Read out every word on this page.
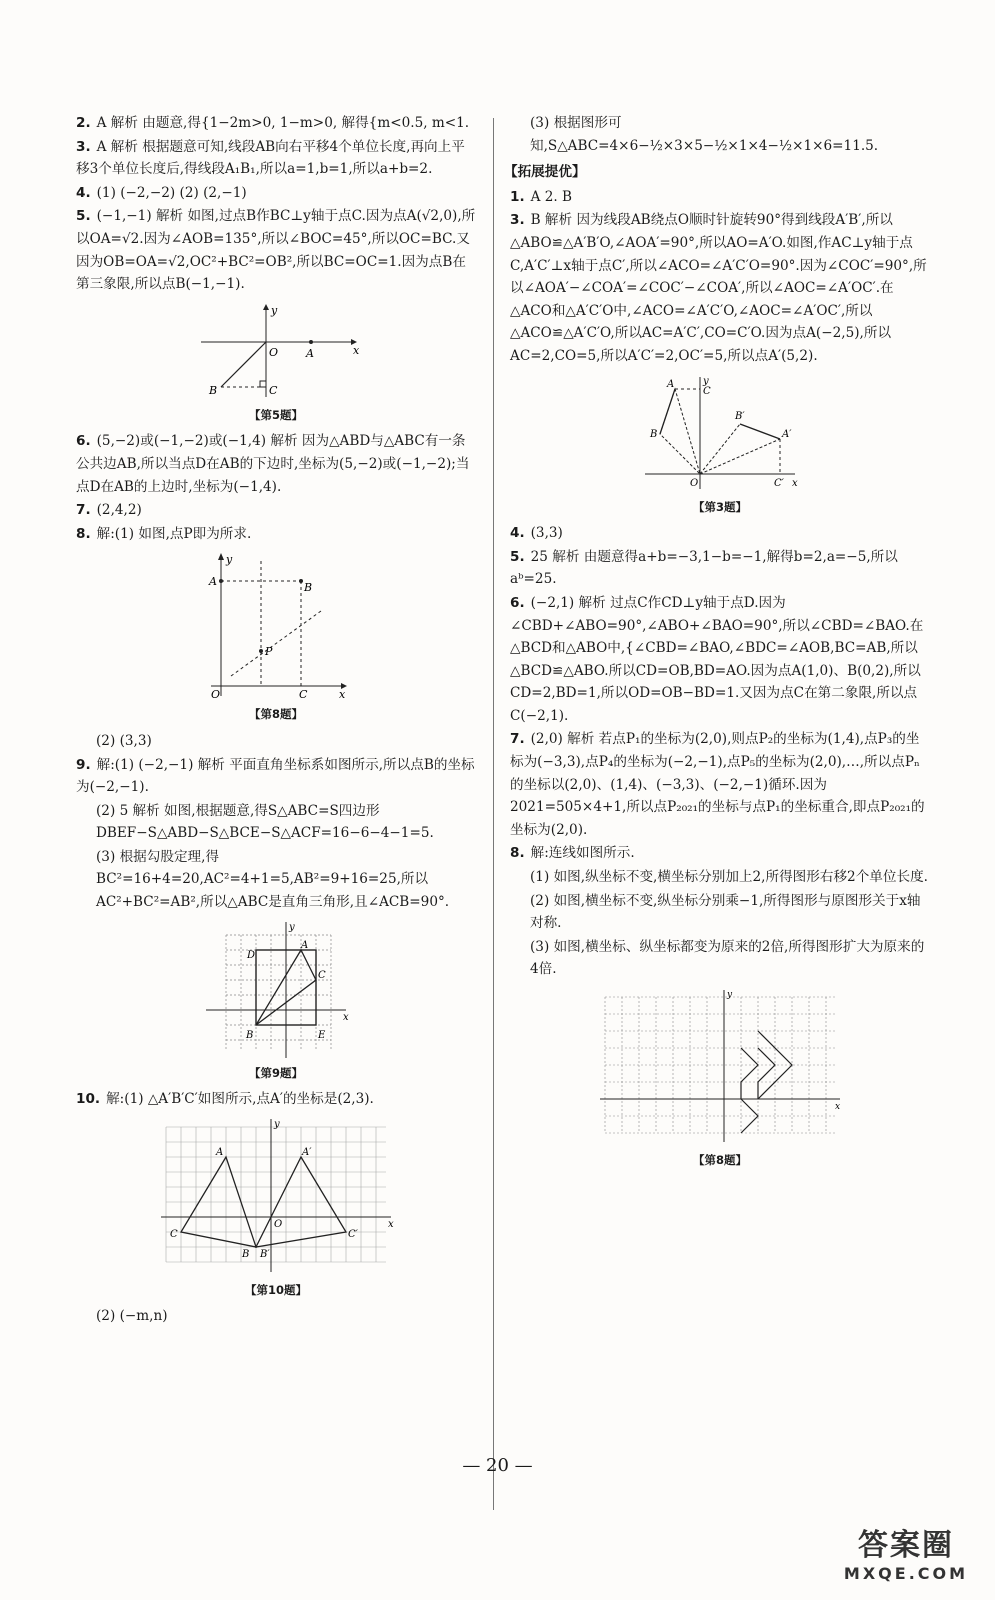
2. A 解析 由题意,得{1−2m>0, 1−m>0, 解得{m<0.5, m<1.
3. A 解析 根据题意可知,线段AB向右平移4个单位长度,再向上平移3个单位长度后,得线段A₁B₁,所以a=1,b=1,所以a+b=2.
4. (1) (−2,−2) (2) (2,−1)
5. (−1,−1) 解析 如图,过点B作BC⊥y轴于点C.因为点A(√2,0),所以OA=√2.因为∠AOB=135°,所以∠BOC=45°,所以OC=BC.又因为OB=OA=√2,OC²+BC²=OB²,所以BC=OC=1.因为点B在第三象限,所以点B(−1,−1).
O	A	x
y
B	C
【第5题】
6. (5,−2)或(−1,−2)或(−1,4) 解析 因为△ABD与△ABC有一条公共边AB,所以当点D在AB的下边时,坐标为(5,−2)或(−1,−2);当点D在AB的上边时,坐标为(−1,4).
7. (2,4,2)
8. 解:(1) 如图,点P即为所求.
A	B
P
C
O	x
y
【第8题】
(2) (3,3)
9. 解:(1) (−2,−1) 解析 平面直角坐标系如图所示,所以点B的坐标为(−2,−1).
(2) 5 解析 如图,根据题意,得S△ABC=S四边形DBEF−S△ABD−S△BCE−S△ACF=16−6−4−1=5.
(3) 根据勾股定理,得BC²=16+4=20,AC²=4+1=5,AB²=9+16=25,所以AC²+BC²=AB²,所以△ABC是直角三角形,且∠ACB=90°.
D
A
C
B	E
x
y
【第9题】
10. 解:(1) △A′B′C′如图所示,点A′的坐标是(2,3).
A	A′
C	C′
B B′
O	x
y
【第10题】
(2) (−m,n)
(3) 根据图形可知,S△ABC=4×6−½×3×5−½×1×4−½×1×6=11.5.
【拓展提优】
1. A 2. B
3. B 解析 因为线段AB绕点O顺时针旋转90°得到线段A′B′,所以△ABO≌△A′B′O,∠AOA′=90°,所以AO=A′O.如图,作AC⊥y轴于点C,A′C′⊥x轴于点C′,所以∠ACO=∠A′C′O=90°.因为∠COC′=90°,所以∠AOA′−∠COA′=∠COC′−∠COA′,所以∠AOC=∠A′OC′.在△ACO和△A′C′O中,∠ACO=∠A′C′O,∠AOC=∠A′OC′,所以△ACO≌△A′C′O,所以AC=A′C′,CO=C′O.因为点A(−2,5),所以AC=2,CO=5,所以A′C′=2,OC′=5,所以点A′(5,2).
A
B
C
B′
A′
C′
O	x
y
【第3题】
4. (3,3)
5. 25 解析 由题意得a+b=−3,1−b=−1,解得b=2,a=−5,所以aᵇ=25.
6. (−2,1) 解析 过点C作CD⊥y轴于点D.因为∠CBD+∠ABO=90°,∠ABO+∠BAO=90°,所以∠CBD=∠BAO.在△BCD和△ABO中,{∠CBD=∠BAO,∠BDC=∠AOB,BC=AB,所以△BCD≌△ABO.所以CD=OB,BD=AO.因为点A(1,0)、B(0,2),所以CD=2,BD=1,所以OD=OB−BD=1.又因为点C在第二象限,所以点C(−2,1).
7. (2,0) 解析 若点P₁的坐标为(2,0),则点P₂的坐标为(1,4),点P₃的坐标为(−3,3),点P₄的坐标为(−2,−1),点P₅的坐标为(2,0),…,所以点Pₙ的坐标以(2,0)、(1,4)、(−3,3)、(−2,−1)循环.因为2021=505×4+1,所以点P₂₀₂₁的坐标与点P₁的坐标重合,即点P₂₀₂₁的坐标为(2,0).
8. 解:连线如图所示.
(1) 如图,纵坐标不变,横坐标分别加上2,所得图形右移2个单位长度.
(2) 如图,横坐标不变,纵坐标分别乘−1,所得图形与原图形关于x轴对称.
(3) 如图,横坐标、纵坐标都变为原来的2倍,所得图形扩大为原来的4倍.
x
y
【第8题】
— 20 —
答案圈
MXQE.COM
